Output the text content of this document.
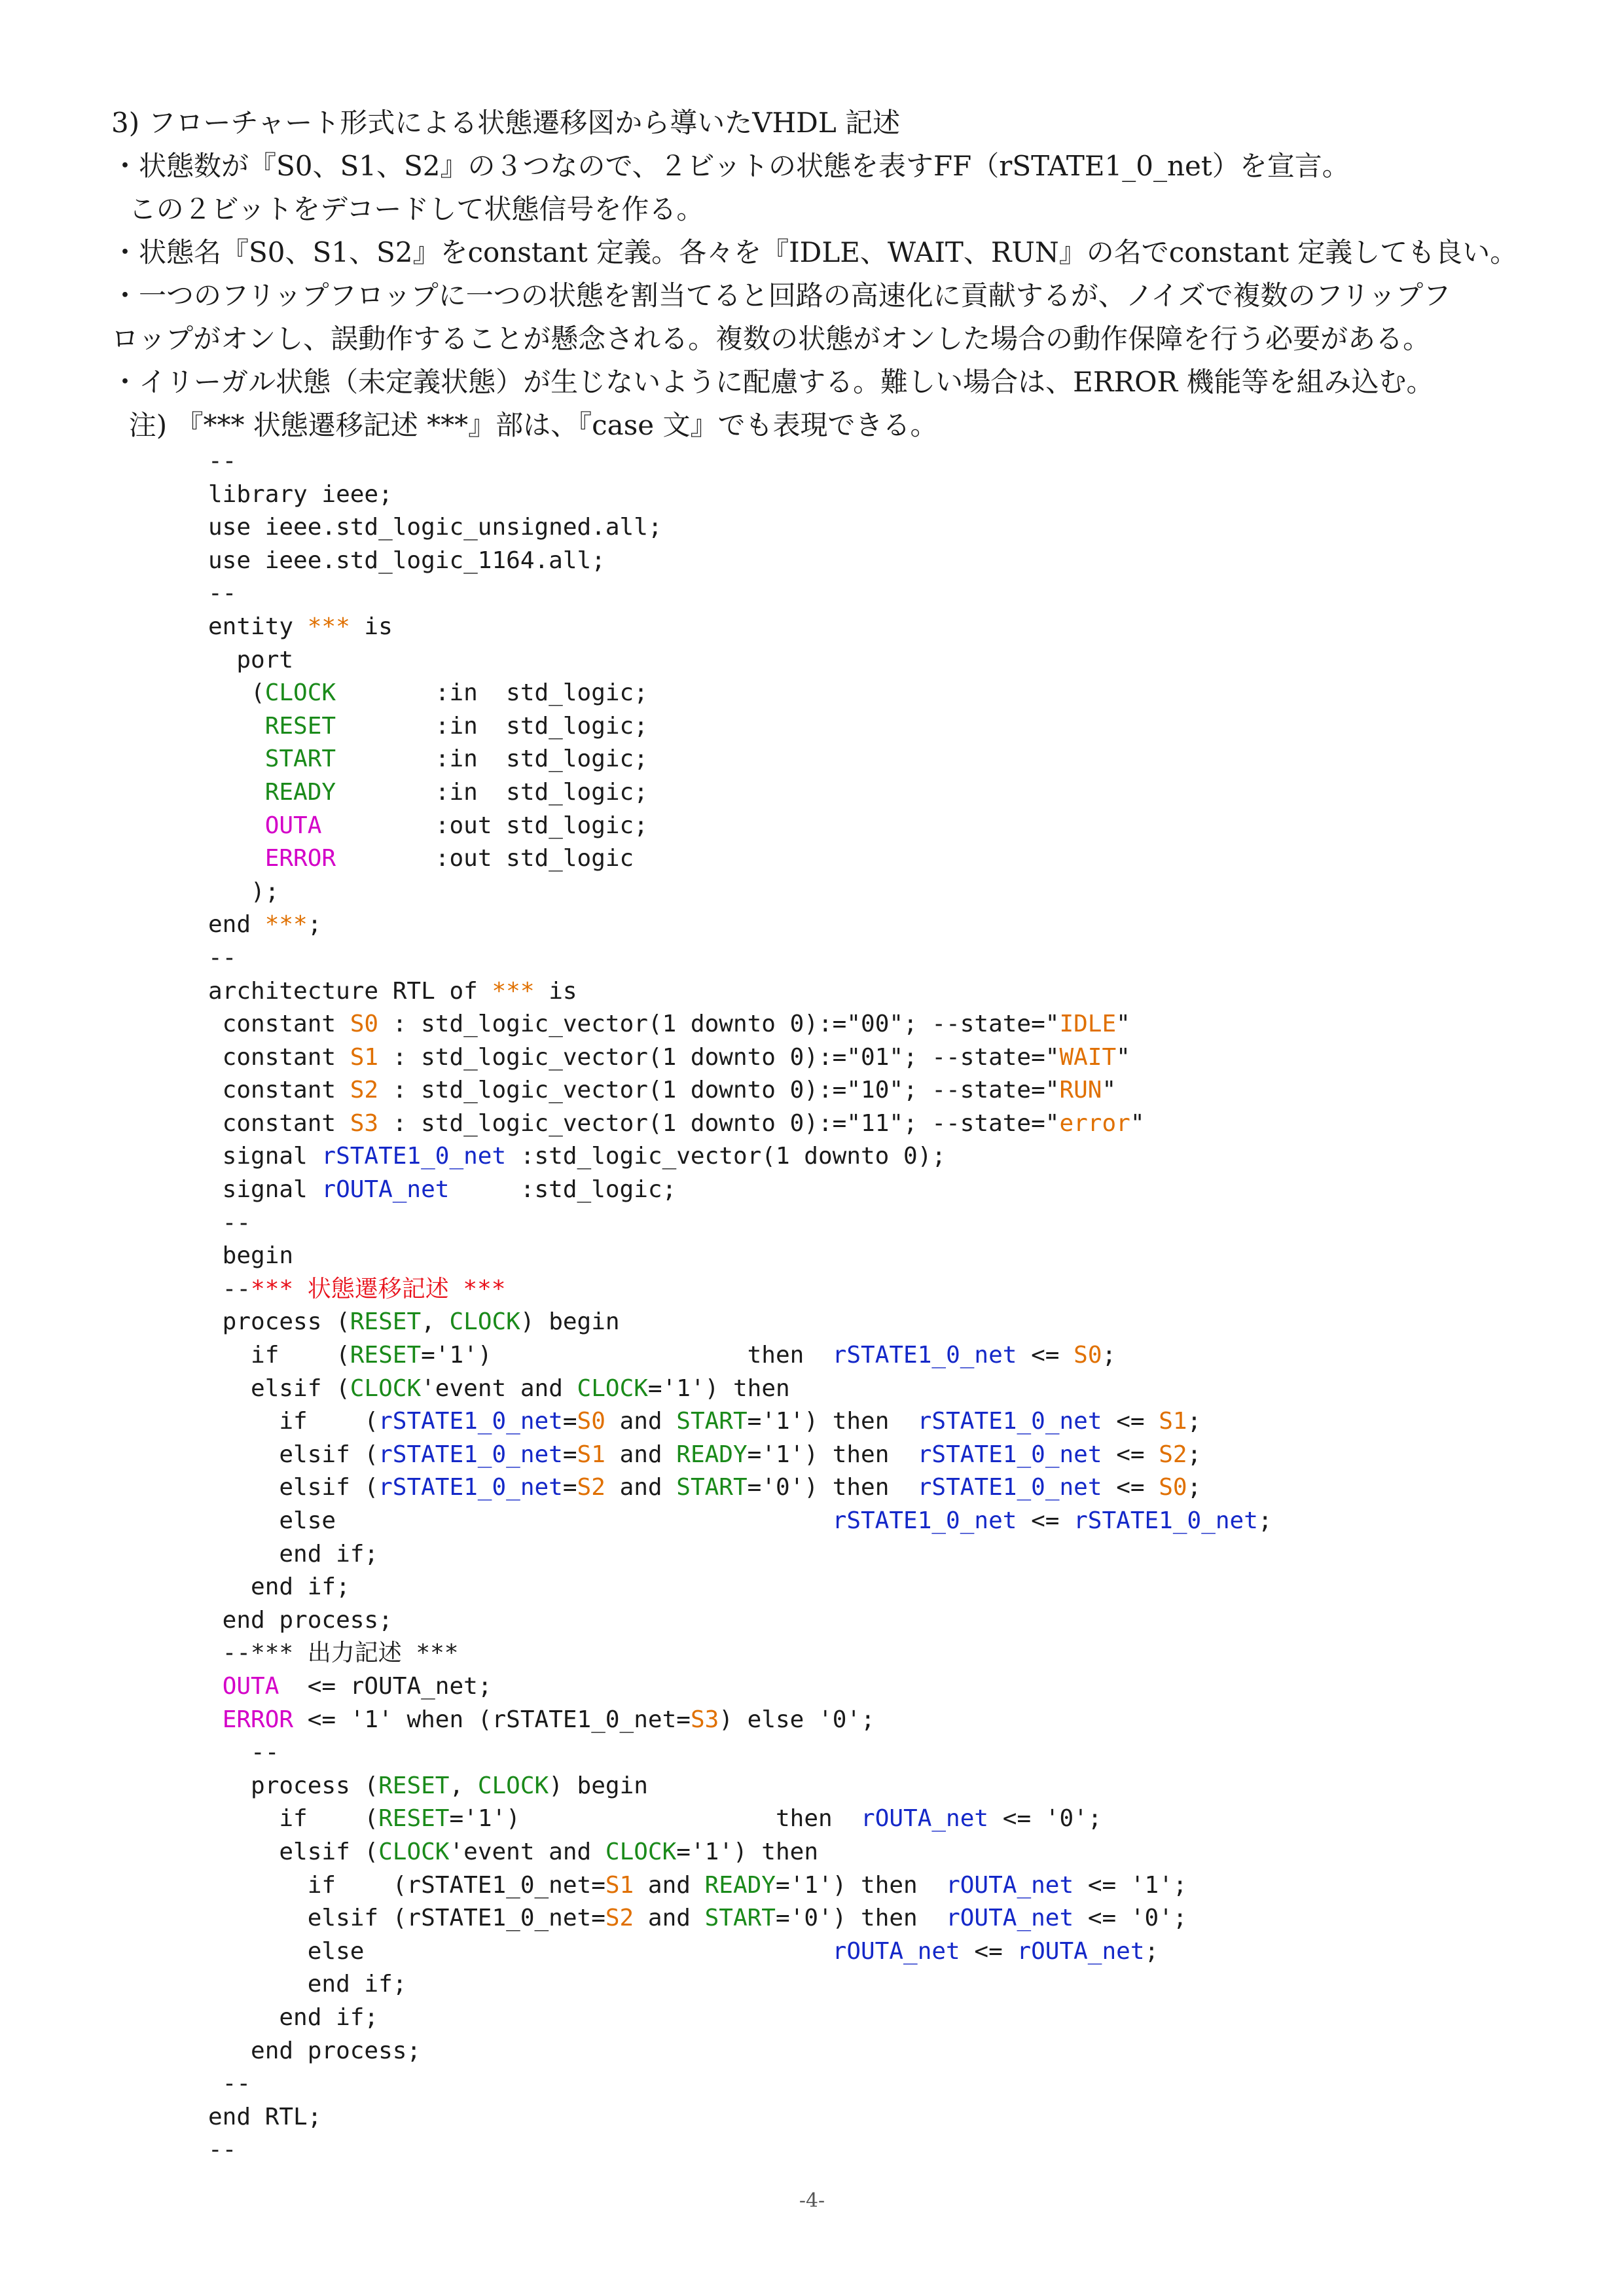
3) フローチャート形式による状態遷移図から導いたVHDL 記述

・状態数が『S0、S1、S2』の３つなので、２ビットの状態を表すFF（rSTATE1_0_net）を宣言。

この２ビットをデコードして状態信号を作る。

・状態名『S0、S1、S2』をconstant 定義。各々を『IDLE、WAIT、RUN』の名でconstant 定義しても良い。

・一つのフリップフロップに一つの状態を割当てると回路の高速化に貢献するが、ノイズで複数のフリップフ

ロップがオンし、誤動作することが懸念される。複数の状態がオンした場合の動作保障を行う必要がある。

・イリーガル状態（未定義状態）が生じないように配慮する。難しい場合は、ERROR 機能等を組み込む。

注) 『*** 状態遷移記述 ***』部は、『case 文』でも表現できる。

--
library ieee;
use ieee.std_logic_unsigned.all;
use ieee.std_logic_1164.all;
--
entity *** is
port
(CLOCK       :in  std_logic;
RESET       :in  std_logic;
START       :in  std_logic;
READY       :in  std_logic;
OUTA        :out std_logic;
ERROR       :out std_logic
);
end ***;
--
architecture RTL of *** is
constant S0 : std_logic_vector(1 downto 0):="00"; --state="IDLE"
constant S1 : std_logic_vector(1 downto 0):="01"; --state="WAIT"
constant S2 : std_logic_vector(1 downto 0):="10"; --state="RUN"
constant S3 : std_logic_vector(1 downto 0):="11"; --state="error"
signal rSTATE1_0_net :std_logic_vector(1 downto 0);
signal rOUTA_net     :std_logic;
--
begin
--*** 状態遷移記述 ***
process (RESET, CLOCK) begin
if    (RESET='1')                  then  rSTATE1_0_net <= S0;
elsif (CLOCK'event and CLOCK='1') then
if    (rSTATE1_0_net=S0 and START='1') then  rSTATE1_0_net <= S1;
elsif (rSTATE1_0_net=S1 and READY='1') then  rSTATE1_0_net <= S2;
elsif (rSTATE1_0_net=S2 and START='0') then  rSTATE1_0_net <= S0;
else                                   rSTATE1_0_net <= rSTATE1_0_net;
end if;
end if;
end process;
--*** 出力記述 ***
OUTA  <= rOUTA_net;
ERROR <= '1' when (rSTATE1_0_net=S3) else '0';
--
process (RESET, CLOCK) begin
if    (RESET='1')                  then  rOUTA_net <= '0';
elsif (CLOCK'event and CLOCK='1') then
if    (rSTATE1_0_net=S1 and READY='1') then  rOUTA_net <= '1';
elsif (rSTATE1_0_net=S2 and START='0') then  rOUTA_net <= '0';
else                                 rOUTA_net <= rOUTA_net;
end if;
end if;
end process;
--
end RTL;
--
-4-
